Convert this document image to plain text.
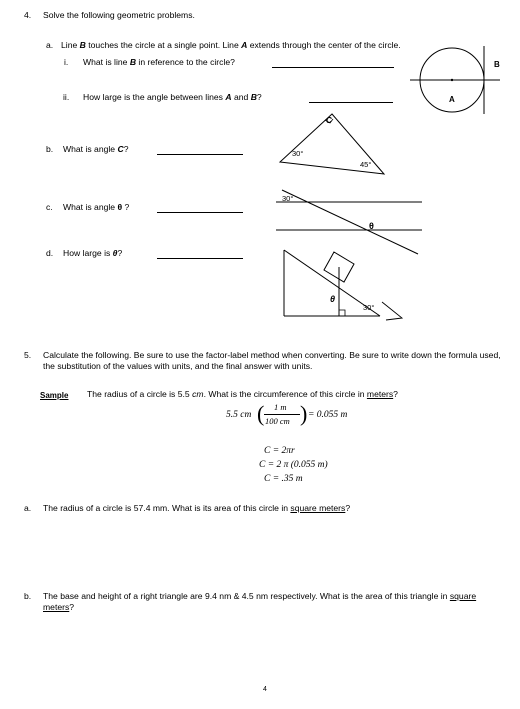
4. Solve the following geometric problems.
a. Line B touches the circle at a single point. Line A extends through the center of the circle.
i. What is line B in reference to the circle?
ii. How large is the angle between lines A and B?
B
A
b. What is angle C?
C
30°
45°
c. What is angle θ ?
30°
θ
d. How large is θ?
θ
30°
5. Calculate the following. Be sure to use the factor-label method when converting. Be sure to write down the formula used, the substitution of the values with units, and the final answer with units.
Sample The radius of a circle is 5.5 cm. What is the circumference of this circle in meters?
5.5 cm ( 1 m
100 cm ) = 0.055 m
C = 2πr
C = 2 π (0.055 m)
C = .35 m
a. The radius of a circle is 57.4 mm. What is its area of this circle in square meters?
b. The base and height of a right triangle are 9.4 nm & 4.5 nm respectively. What is the area of this triangle in square meters?
4
